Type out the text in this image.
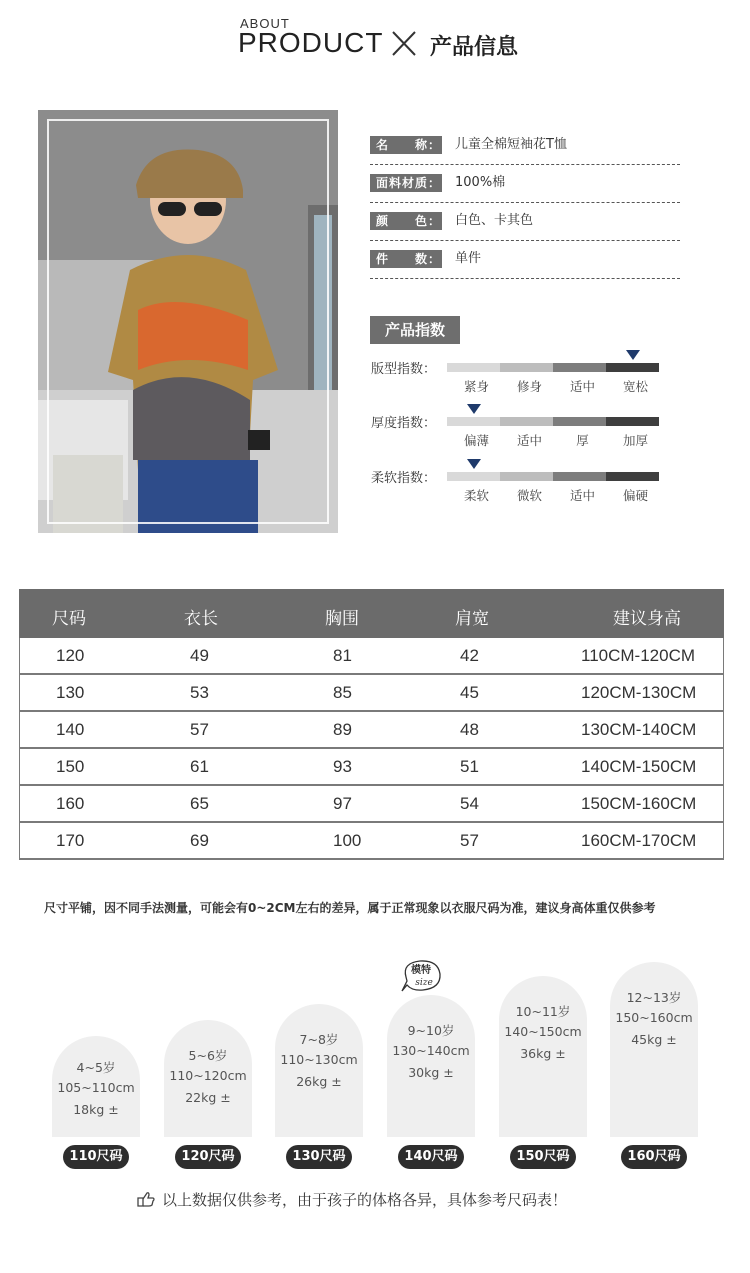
ABOUT
PRODUCT 产品信息
名　　称： 儿童全棉短袖花T恤
面料材质： 100%棉
颜　　色： 白色、卡其色
件　　数： 单件
产品指数
版型指数：
厚度指数：
柔软指数：
紧身	修身	适中	宽松
偏薄	适中	厚	加厚
柔软	微软	适中	偏硬
尺码	衣长	胸围	肩宽	建议身高
120	49	81	42	110CM-120CM
130	53	85	45	120CM-130CM
140	57	89	48	130CM-140CM
150	61	93	51	140CM-150CM
160	65	97	54	150CM-160CM
170	69	100	57	160CM-170CM
尺寸平铺，因不同手法测量，可能会有0~2CM左右的差异，属于正常现象以衣服尺码为准，建议身高体重仅供参考
4~5岁
105~110cm
18kg ±
110尺码
5~6岁
110~120cm
22kg ±
120尺码
7~8岁
110~130cm
26kg ±
130尺码
9~10岁
130~140cm
30kg ±
140尺码
10~11岁
140~150cm
36kg ±
150尺码
12~13岁
150~160cm
45kg ±
160尺码
模特
size
以上数据仅供参考，由于孩子的体格各异，具体参考尺码表！
